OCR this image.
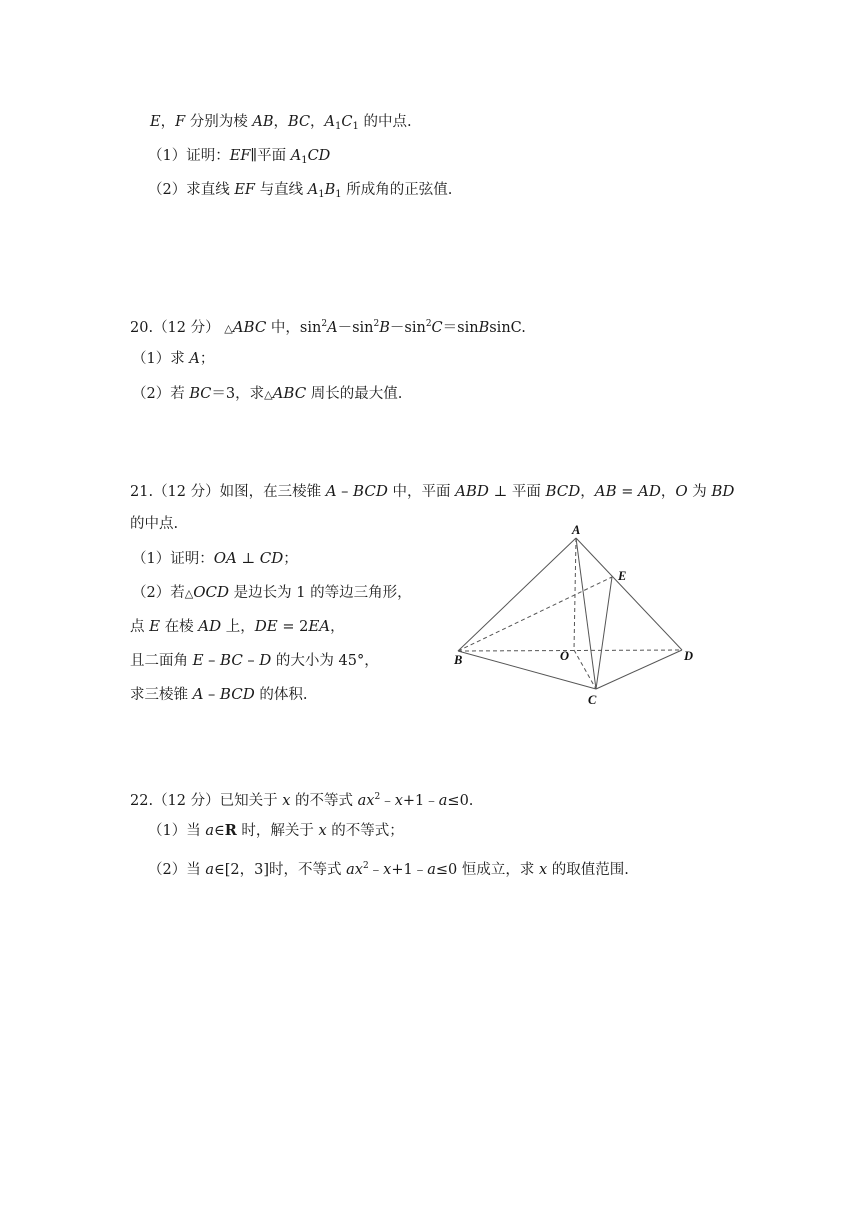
E，F 分别为棱 AB，BC，$A_1C_1$ 的中点.
（1）证明：EF∥平面 $A_1CD$
（2）求直线 EF 与直线 $A_1B_1$ 所成角的正弦值.
20.（12 分） △ABC 中，$\sin^2A-\sin^2B-\sin^2C=sinBsinC$.
（1）求 A；
（2）若 BC＝3，求△ABC 周长的最大值.
21.（12 分）如图，在三棱锥 A – BCD 中，平面 ABD ⊥ 平面 BCD，AB = AD，O 为 BD
的中点.
（1）证明：OA ⊥ CD；
（2）若△OCD 是边长为 1 的等边三角形，
点 E 在棱 AD 上，DE = 2EA，
且二面角 E – BC – D 的大小为 45°，
求三棱锥 A – BCD 的体积.
A
E
B	O	D
C
22.（12 分）已知关于 x 的不等式 $ax^2﹣x+1﹣a\le 0$.
（1）当 a∈R 时，解关于 x 的不等式；
（2）当 a∈[2，3]时，不等式 $ax^2﹣x+1﹣a\le 0$ 恒成立，求 x 的取值范围.
